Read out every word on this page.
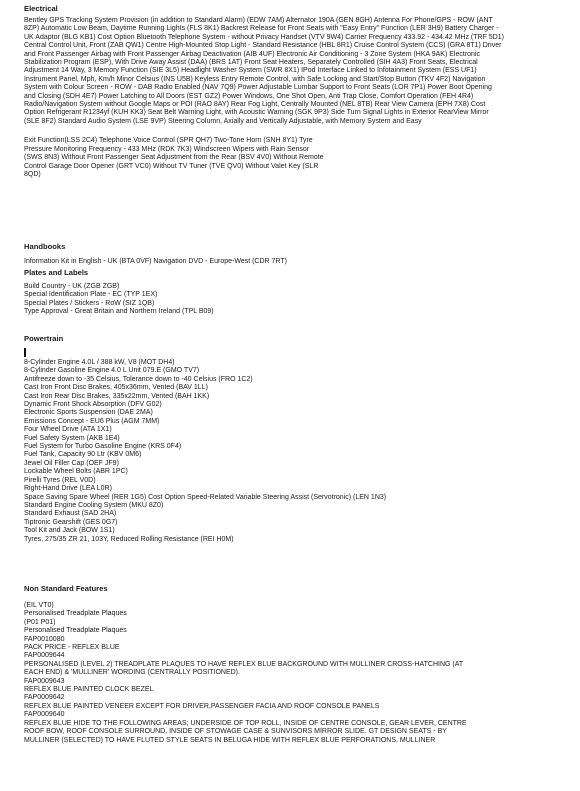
Electrical

Bentley GPS Tracking System Provision (in addition to Standard Alarm) (EDW 7AM) Alternator 190A (GEN 8GH) Antenna For Phone/GPS - ROW (ANT 8ZP) Automatic Low Beam, Daytime Running Lights (FLS 8K1) Backrest Release for Front Seats with "Easy Entry" Function (LER 3H9) Battery Charger - UK Adaptor (BLG KB1) Cost Option Bluetooth Telephone System - without Privacy Handset (VTV 9W4) Carrier Frequency 433.92 - 434.42 MHz (TRF 5D1) Central Control Unit, Front (ZAB QW1) Centre High-Mounted Stop Light - Standard Resistance (HBL 8R1) Cruise Control System (CCS) (GRA 8T1) Driver and Front Passenger Airbag with Front Passenger Airbag Deactivation (AIB 4UF) Electronic Air Conditioning - 3 Zone System (HKA 9AK) Electronic Stabilization Program (ESP), With Drive Away Assist (DAA) (BRS 1AT) Front Seat Heaters, Separately Controlled (SIH 4A3) Front Seats, Electrical Adjustment 14 Way, 3 Memory Function (SIE 3L5) Headlight Washer System (SWR 8X1) IPod Interface Linked to Infotainment System (ESS UF1) Instrument Panel, Mph, Km/h Minor Celsius (INS U5B) Keyless Entry Remote Control, with Safe Locking and Start/Stop Button (TKV 4F2) Navigation System with Colour Screen - ROW - DAB Radio Enabled (NAV 7Q9) Power Adjustable Lumbar Support to Front Seats (LOR 7P1) Power Boot Opening and Closing (SDH 4E7) Power Latching to All Doors (EST GZ2) Power Windows, One Shot Open, Anti Trap Close, Comfort Operation (FEH 4R4) Radio/Navigation System without Google Maps or POI (RAO 8AY) Rear Fog Light, Centrally Mounted (NEL 8TB) Rear View Camera (EPH 7X8) Cost Option Refrigerant R1234yf (KUH KK3) Seat Belt Warning Light, with Acoustic Warning (SGK 9P3) Side Turn Signal Lights in Exterior RearView Mirror (SLE 8F2) Standard Audio System (LSE 9VP) Steering Column, Axially and Vertically Adjustable, with Memory System and Easy

Exit Function(LSS 2C4) Telephone Voice Control (SPR QH7) Two-Tone Horn (SNH 8Y1) Tyre

Pressure Monitoring Frequency - 433 MHz (RDK 7K3) Windscreen Wipers with Rain Sensor

(SWS 8N3) Without Front Passenger Seat Adjustment from the Rear (BSV 4V0) Without Remote

Control Garage Door Opener (GRT VC0) Without TV Tuner (TVE QV0) Without Valet Key (SLR

8QD)

Handbooks

Information Kit in English - UK (BTA 0VF) Navigation DVD - Europe-West (CDR 7RT)

Plates and Labels

Build Country - UK (ZGB ZGB)

Special Identification Plate - EC (TYP 1EX)

Special Plates / Stickers - RoW (SIZ 1QB)

Type Approval - Great Britain and Northern Ireland (TPL B09)

Powertrain

8-Cylinder Engine 4.0L / 388 kW, V8 (MOT DH4)

8-Cylinder Gasoline Engine 4.0 L Unit 079.E (GMO TV7)

Antifreeze down to -35 Celsius, Tolerance down to -40 Celsius (FRO 1C2)

Cast Iron Front Disc Brakes, 405x36mm, Vented (BAV 1LL)

Cast Iron Rear Disc Brakes, 335x22mm, Vented (BAH 1KK)

Dynamic Front Shock Absorption (DFV G02)

Electronic Sports Suspension (DAE 2MA)

Emissions Concept - EU6 Plus (AGM 7MM)

Four Wheel Drive (ATA 1X1)

Fuel Safety System (AKB 1E4)

Fuel System for Turbo Gasoline Engine (KRS 0F4)

Fuel Tank, Capacity 90 Ltr (KBV 0M6)

Jewel Oil Filler Cap (OEF JF9)

Lockable Wheel Bolts (ABR 1PC)

Pirelli Tyres (REL V0D)

Right-Hand Drive (LEA L0R)

Space Saving Spare Wheel (RER 1G5) Cost Option Speed-Related Variable Steering Assist (Servotronic) (LEN 1N3)

Standard Engine Cooling System (MKU 8Z0)

Standard Exhaust (SAD 2HA)

Tiptronic Gearshift (GES 0G7)

Tool Kit and Jack (BOW 1S1)

Tyres, 275/35 ZR 21, 103Y, Reduced Rolling Resistance (REI H0M)

Non Standard Features

(EIL VT0)

Personalised Treadplate Plaques

(P01 P01)

Personalised Treadplate Plaques

FAP0010080

PACK PRICE - REFLEX BLUE

FAP0009644

PERSONALISED (LEVEL 2) TREADPLATE PLAQUES TO HAVE REFLEX BLUE BACKGROUND WITH MULLINER CROSS-HATCHING (AT

EACH END) & 'MULLINER' WORDING (CENTRALLY POSITIONED).

FAP0009643

REFLEX BLUE PAINTED CLOCK BEZEL

FAP0009642

REFLEX BLUE PAINTED VENEER EXCEPT FOR DRIVER,PASSENGER FACIA AND ROOF CONSOLE PANELS

FAP0009640

REFLEX BLUE HIDE TO THE FOLLOWING AREAS; UNDERSIDE OF TOP ROLL, INSIDE OF CENTRE CONSOLE, GEAR LEVER, CENTRE

ROOF BOW, ROOF CONSOLE SURROUND, INSIDE OF STOWAGE CASE & SUNVISORS MIRROR SLIDE. GT DESIGN SEATS - BY

MULLINER (SELECTED) TO HAVE FLUTED STYLE SEATS IN BELUGA HIDE WITH REFLEX BLUE PERFORATIONS. MULLINER
